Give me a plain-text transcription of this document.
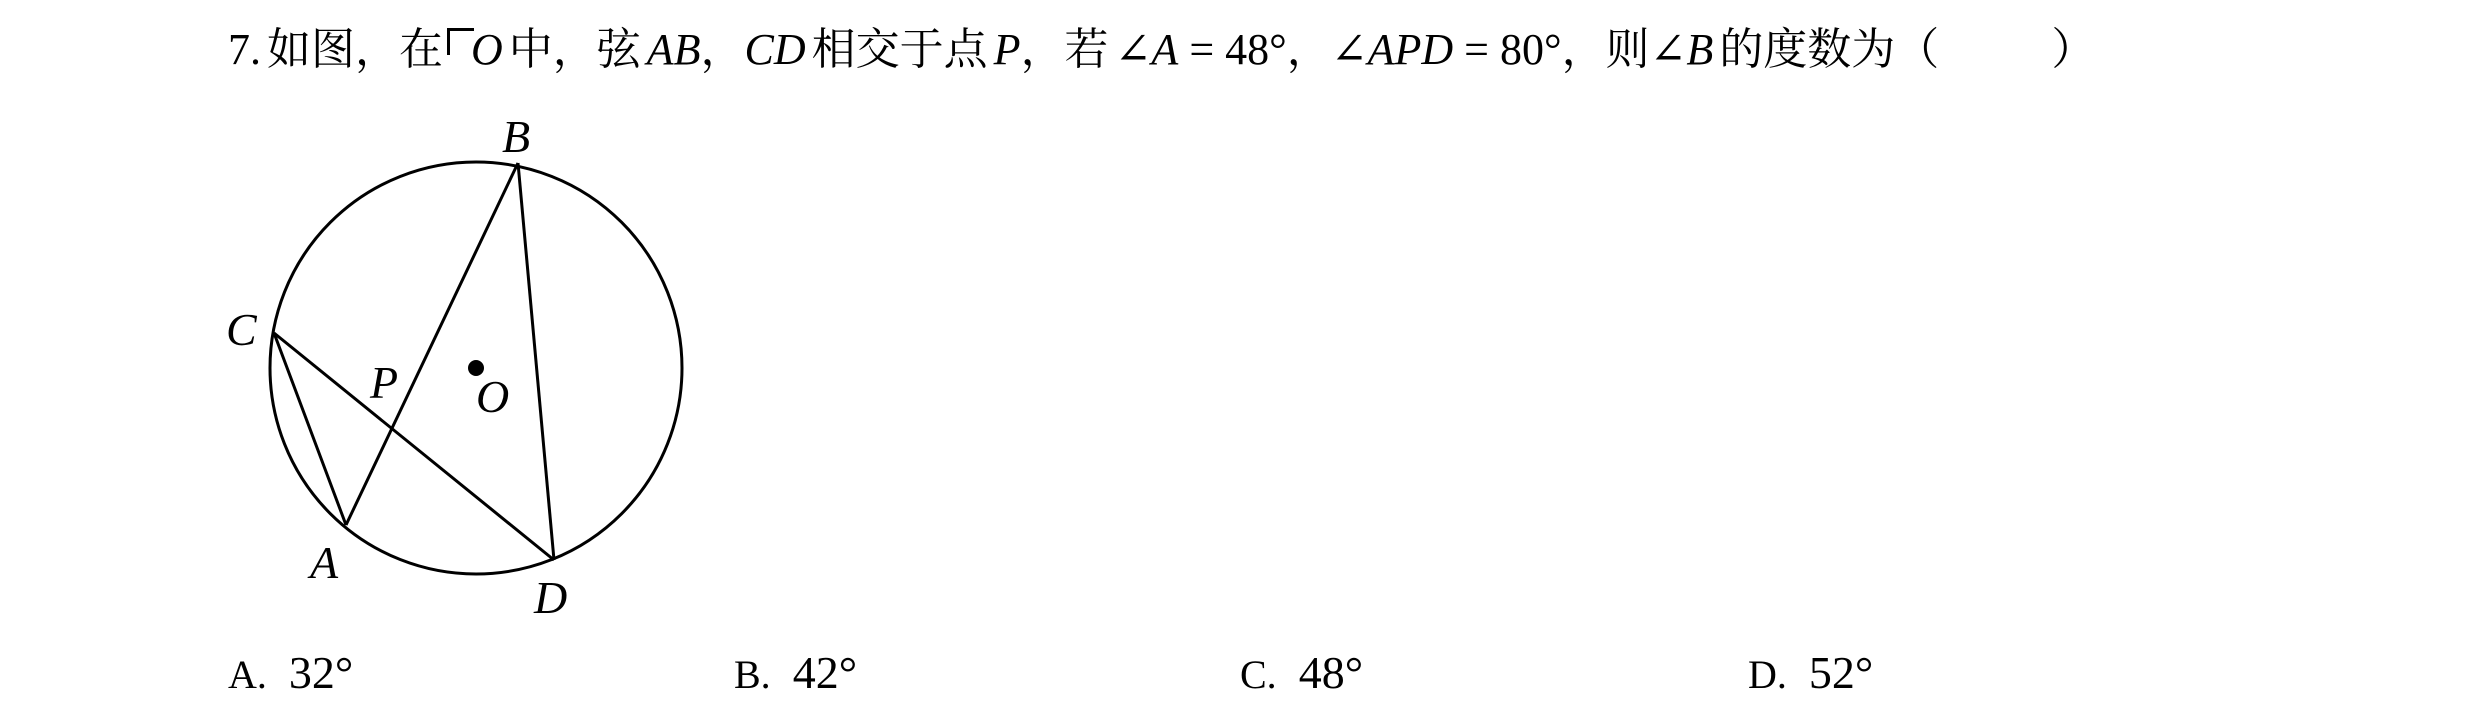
7. 如图，在 O 中，弦 AB，CD 相交于点 P，若 ∠A = 48°，∠APD = 80°，则∠B 的度数为（	）
B
C
P O
A
D
A. 32°	B. 42°	C. 48°	D. 52°
